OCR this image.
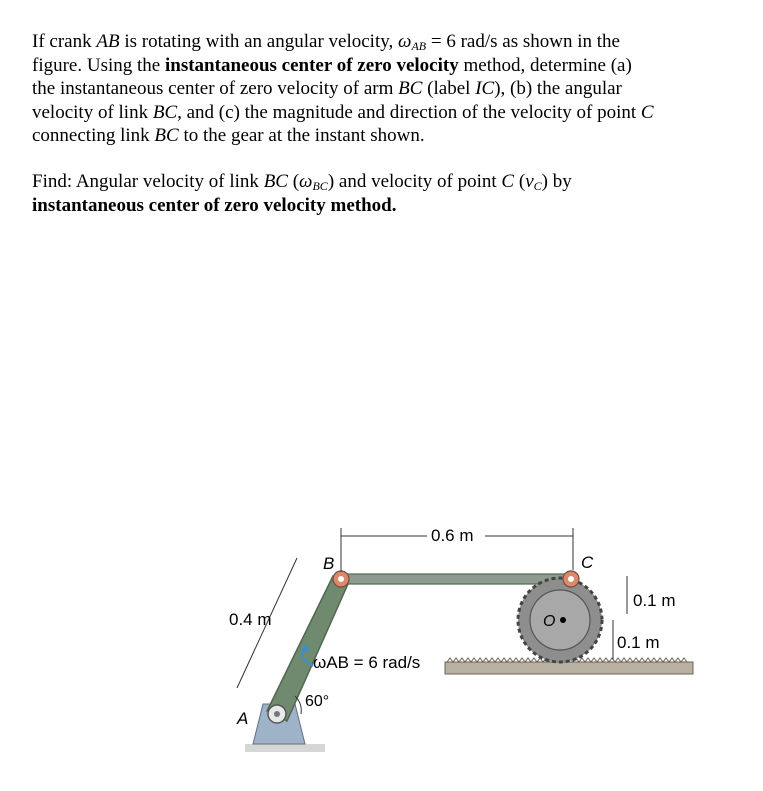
If crank AB is rotating with an angular velocity, $\omega_{AB} = 6$ rad/s as shown in the
figure. Using the instantaneous center of zero velocity method, determine (a)
the instantaneous center of zero velocity of arm BC (label IC), (b) the angular
velocity of link BC, and (c) the magnitude and direction of the velocity of point C
connecting link BC to the gear at the instant shown.
Find: Angular velocity of link BC $(\omega_{BC})$ and velocity of point C $(v_C)$ by
instantaneous center of zero velocity method.
0.6 m
0.4 m
0.1 m
0.1 m
B	C
A
O
ωAB = 6 rad/s
60°
